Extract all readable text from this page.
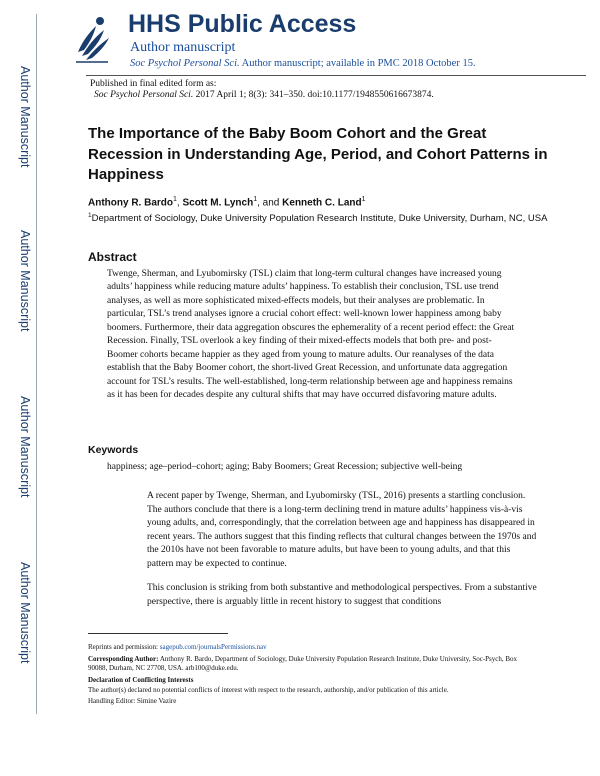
Author Manuscript
Author Manuscript
Author Manuscript
Author Manuscript
HHS Public Access
Author manuscript
Soc Psychol Personal Sci. Author manuscript; available in PMC 2018 October 15.
Published in final edited form as:
Soc Psychol Personal Sci. 2017 April 1; 8(3): 341–350. doi:10.1177/1948550616673874.
The Importance of the Baby Boom Cohort and the Great Recession in Understanding Age, Period, and Cohort Patterns in Happiness
Anthony R. Bardo$^1$, Scott M. Lynch$^1$, and Kenneth C. Land$^1$
$^1$Department of Sociology, Duke University Population Research Institute, Duke University, Durham, NC, USA
Abstract
Twenge, Sherman, and Lyubomirsky (TSL) claim that long-term cultural changes have increased young adults’ happiness while reducing mature adults’ happiness. To establish their conclusion, TSL use trend analyses, as well as more sophisticated mixed-effects models, but their analyses are problematic. In particular, TSL’s trend analyses ignore a crucial cohort effect: well-known lower happiness among baby boomers. Furthermore, their data aggregation obscures the ephemerality of a recent period effect: the Great Recession. Finally, TSL overlook a key finding of their mixed-effects models that both pre- and post-Boomer cohorts became happier as they aged from young to mature adults. Our reanalyses of the data establish that the Baby Boomer cohort, the short-lived Great Recession, and unfortunate data aggregation account for TSL’s results. The well-established, long-term relationship between age and happiness remains as it has been for decades despite any cultural shifts that may have occurred disfavoring mature adults.
Keywords
happiness; age–period–cohort; aging; Baby Boomers; Great Recession; subjective well-being
A recent paper by Twenge, Sherman, and Lyubomirsky (TSL, 2016) presents a startling conclusion. The authors conclude that there is a long-term declining trend in mature adults’ happiness vis-à-vis young adults, and, correspondingly, that the correlation between age and happiness has disappeared in recent years. The authors suggest that this finding reflects that cultural changes between the 1970s and the 2010s have not been favorable to mature adults, but have been to young adults, and that this pattern may be expected to continue.
This conclusion is striking from both substantive and methodological perspectives. From a substantive perspective, there is arguably little in recent history to suggest that conditions
Reprints and permission: sagepub.com/journalsPermissions.nav
Corresponding Author: Anthony R. Bardo, Department of Sociology, Duke University Population Research Institute, Duke University, Soc-Psych, Box 90088, Durham, NC 27708, USA. arb100@duke.edu.
Declaration of Conflicting Interests
The author(s) declared no potential conflicts of interest with respect to the research, authorship, and/or publication of this article.
Handling Editor: Simine Vazire
